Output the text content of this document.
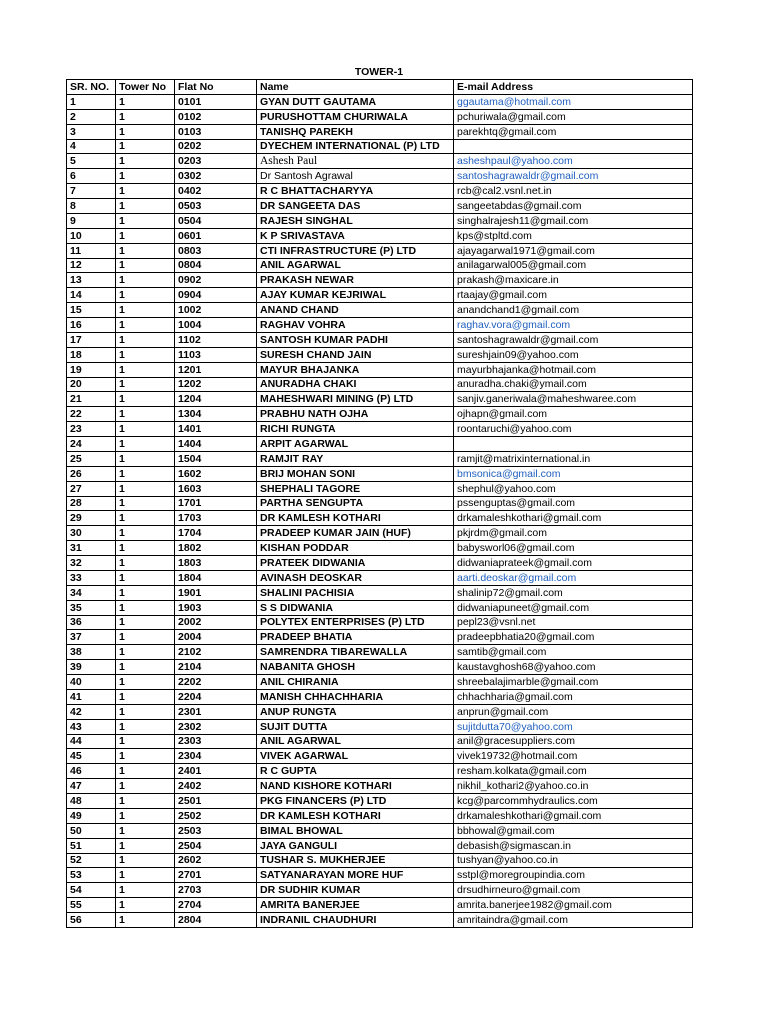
TOWER-1
SR. NO.	Tower No	Flat No	Name	E-mail Address
1	1	0101	GYAN DUTT GAUTAMA	ggautama@hotmail.com
2	1	0102	PURUSHOTTAM CHURIWALA	pchuriwala@gmail.com
3	1	0103	TANISHQ PAREKH	parekhtq@gmail.com
4	1	0202	DYECHEM INTERNATIONAL (P) LTD	
5	1	0203	Ashesh Paul	asheshpaul@yahoo.com
6	1	0302	Dr Santosh Agrawal	santoshagrawaldr@gmail.com
7	1	0402	R C BHATTACHARYYA	rcb@cal2.vsnl.net.in
8	1	0503	DR SANGEETA DAS	sangeetabdas@gmail.com
9	1	0504	RAJESH SINGHAL	singhalrajesh11@gmail.com
10	1	0601	K P SRIVASTAVA	kps@stpltd.com
11	1	0803	CTI INFRASTRUCTURE (P) LTD	ajayagarwal1971@gmail.com
12	1	0804	ANIL AGARWAL	anilagarwal005@gmail.com
13	1	0902	PRAKASH NEWAR	prakash@maxicare.in
14	1	0904	AJAY KUMAR KEJRIWAL	rtaajay@gmail.com
15	1	1002	ANAND CHAND	anandchand1@gmail.com
16	1	1004	RAGHAV VOHRA	raghav.vora@gmail.com
17	1	1102	SANTOSH KUMAR PADHI	santoshagrawaldr@gmail.com
18	1	1103	SURESH CHAND JAIN	sureshjain09@yahoo.com
19	1	1201	MAYUR BHAJANKA	mayurbhajanka@hotmail.com
20	1	1202	ANURADHA CHAKI	anuradha.chaki@ymail.com
21	1	1204	MAHESHWARI MINING (P) LTD	sanjiv.ganeriwala@maheshwaree.com
22	1	1304	PRABHU NATH OJHA	ojhapn@gmail.com
23	1	1401	RICHI RUNGTA	roontaruchi@yahoo.com
24	1	1404	ARPIT AGARWAL	
25	1	1504	RAMJIT RAY	ramjit@matrixinternational.in
26	1	1602	BRIJ MOHAN SONI	bmsonica@gmail.com
27	1	1603	SHEPHALI TAGORE	shephul@yahoo.com
28	1	1701	PARTHA SENGUPTA	pssenguptas@gmail.com
29	1	1703	DR KAMLESH KOTHARI	drkamaleshkothari@gmail.com
30	1	1704	PRADEEP KUMAR JAIN (HUF)	pkjrdm@gmail.com
31	1	1802	KISHAN PODDAR	babysworl06@gmail.com
32	1	1803	PRATEEK DIDWANIA	didwaniaprateek@gmail.com
33	1	1804	AVINASH DEOSKAR	aarti.deoskar@gmail.com
34	1	1901	SHALINI PACHISIA	shalinip72@gmail.com
35	1	1903	S S DIDWANIA	didwaniapuneet@gmail.com
36	1	2002	POLYTEX ENTERPRISES (P) LTD	pepl23@vsnl.net
37	1	2004	PRADEEP BHATIA	pradeepbhatia20@gmail.com
38	1	2102	SAMRENDRA TIBAREWALLA	samtib@gmail.com
39	1	2104	NABANITA GHOSH	kaustavghosh68@yahoo.com
40	1	2202	ANIL CHIRANIA	shreebalajimarble@gmail.com
41	1	2204	MANISH CHHACHHARIA	chhachharia@gmail.com
42	1	2301	ANUP RUNGTA	anprun@gmail.com
43	1	2302	SUJIT DUTTA	sujitdutta70@yahoo.com
44	1	2303	ANIL AGARWAL	anil@gracesuppliers.com
45	1	2304	VIVEK AGARWAL	vivek19732@hotmail.com
46	1	2401	R C GUPTA	resham.kolkata@gmail.com
47	1	2402	NAND KISHORE KOTHARI	nikhil_kothari2@yahoo.co.in
48	1	2501	PKG FINANCERS (P) LTD	kcg@parcommhydraulics.com
49	1	2502	DR KAMLESH KOTHARI	drkamaleshkothari@gmail.com
50	1	2503	BIMAL BHOWAL	bbhowal@gmail.com
51	1	2504	JAYA GANGULI	debasish@sigmascan.in
52	1	2602	TUSHAR S. MUKHERJEE	tushyan@yahoo.co.in
53	1	2701	SATYANARAYAN MORE HUF	sstpl@moregroupindia.com
54	1	2703	DR SUDHIR KUMAR	drsudhirneuro@gmail.com
55	1	2704	AMRITA BANERJEE	amrita.banerjee1982@gmail.com
56	1	2804	INDRANIL CHAUDHURI	amritaindra@gmail.com
